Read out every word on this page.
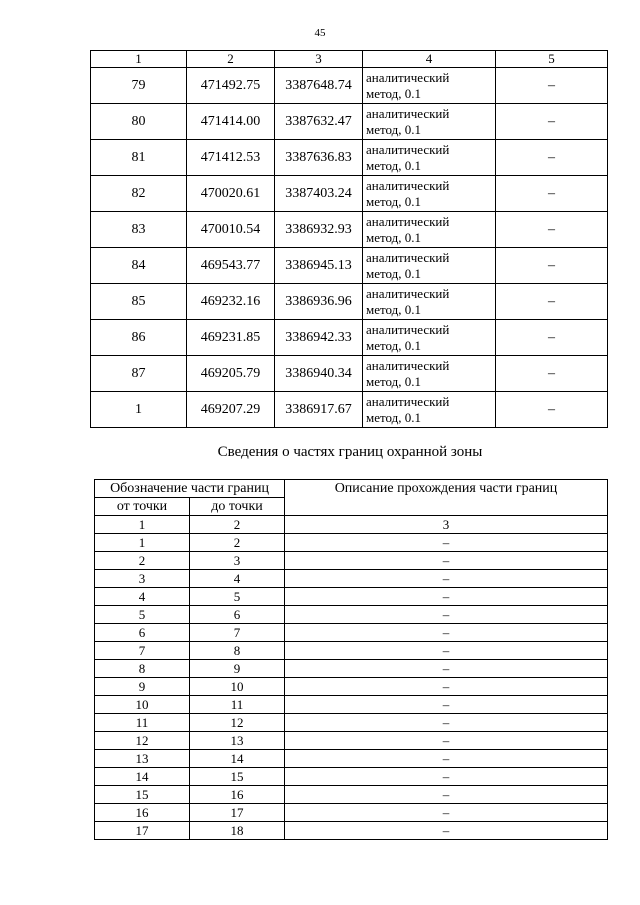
45
1	2	3	4	5
79	471492.75	3387648.74	аналитический
метод, 0.1	–
80	471414.00	3387632.47	аналитический
метод, 0.1	–
81	471412.53	3387636.83	аналитический
метод, 0.1	–
82	470020.61	3387403.24	аналитический
метод, 0.1	–
83	470010.54	3386932.93	аналитический
метод, 0.1	–
84	469543.77	3386945.13	аналитический
метод, 0.1	–
85	469232.16	3386936.96	аналитический
метод, 0.1	–
86	469231.85	3386942.33	аналитический
метод, 0.1	–
87	469205.79	3386940.34	аналитический
метод, 0.1	–
1	469207.29	3386917.67	аналитический
метод, 0.1	–
Сведения о частях границ охранной зоны
Обозначение части границ		Описание прохождения части границ
от точки	до точки	
1	2	3
1	2	–
2	3	–
3	4	–
4	5	–
5	6	–
6	7	–
7	8	–
8	9	–
9	10	–
10	11	–
11	12	–
12	13	–
13	14	–
14	15	–
15	16	–
16	17	–
17	18	–
